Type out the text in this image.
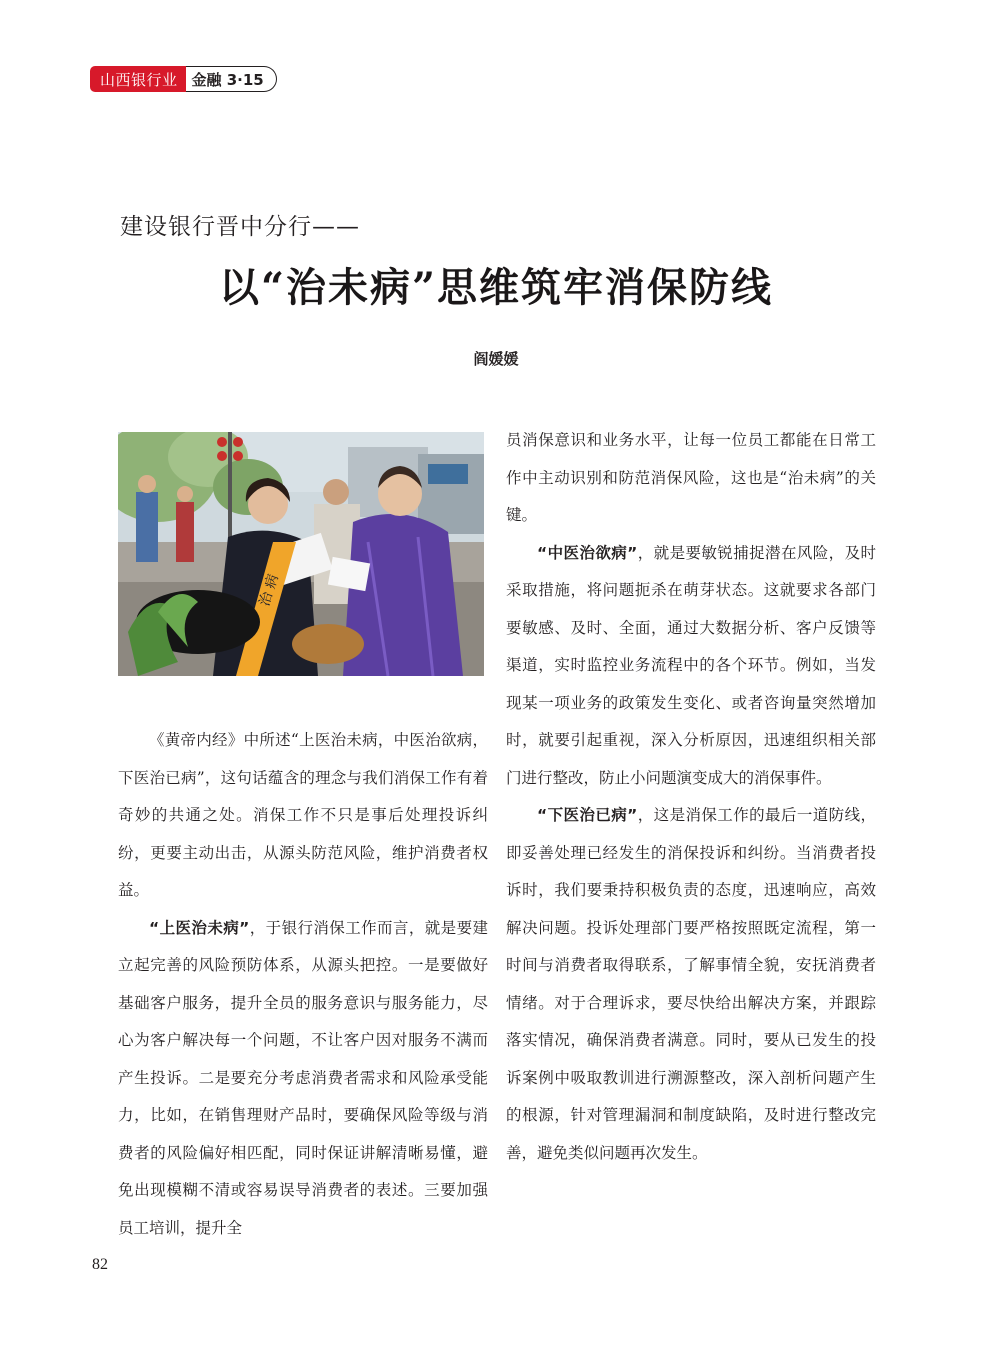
山西银行业 金融 3·15
建设银行晋中分行——
以“治未病”思维筑牢消保防线
阎媛媛
治 病

《黄帝内经》中所述“上医治未病，中医治欲病，下医治已病”，这句话蕴含的理念与我们消保工作有着奇妙的共通之处。消保工作不只是事后处理投诉纠纷，更要主动出击，从源头防范风险，维护消费者权益。

“上医治未病”，于银行消保工作而言，就是要建立起完善的风险预防体系，从源头把控。一是要做好基础客户服务，提升全员的服务意识与服务能力，尽心为客户解决每一个问题，不让客户因对服务不满而产生投诉。二是要充分考虑消费者需求和风险承受能力，比如，在销售理财产品时，要确保风险等级与消费者的风险偏好相匹配，同时保证讲解清晰易懂，避免出现模糊不清或容易误导消费者的表述。三要加强员工培训，提升全

员消保意识和业务水平，让每一位员工都能在日常工作中主动识别和防范消保风险，这也是“治未病”的关键。

“中医治欲病”，就是要敏锐捕捉潜在风险，及时采取措施，将问题扼杀在萌芽状态。这就要求各部门要敏感、及时、全面，通过大数据分析、客户反馈等渠道，实时监控业务流程中的各个环节。例如，当发现某一项业务的政策发生变化、或者咨询量突然增加时，就要引起重视，深入分析原因，迅速组织相关部门进行整改，防止小问题演变成大的消保事件。

“下医治已病”，这是消保工作的最后一道防线，即妥善处理已经发生的消保投诉和纠纷。当消费者投诉时，我们要秉持积极负责的态度，迅速响应，高效解决问题。投诉处理部门要严格按照既定流程，第一时间与消费者取得联系，了解事情全貌，安抚消费者情绪。对于合理诉求，要尽快给出解决方案，并跟踪落实情况，确保消费者满意。同时，要从已发生的投诉案例中吸取教训进行溯源整改，深入剖析问题产生的根源，针对管理漏洞和制度缺陷，及时进行整改完善，避免类似问题再次发生。

82
